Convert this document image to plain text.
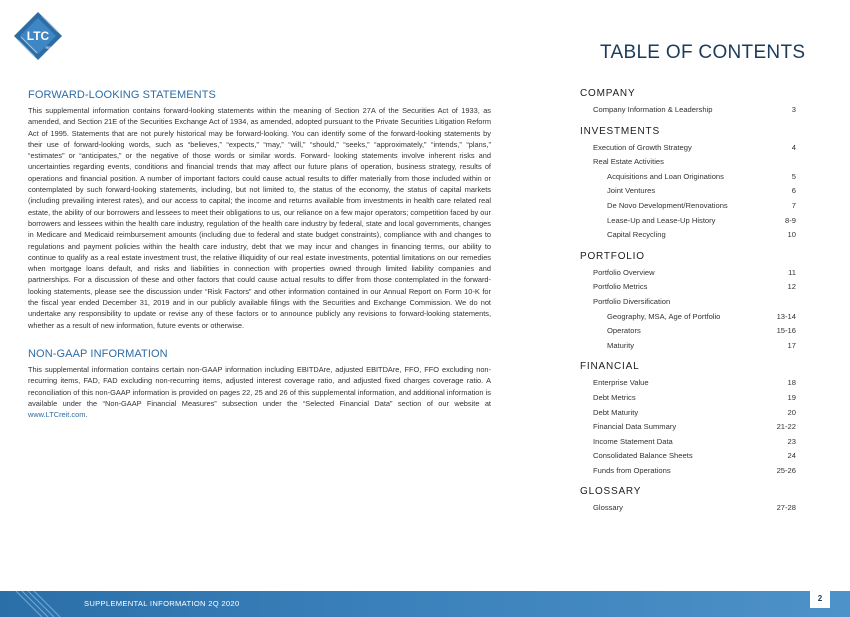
LTC
REIT	TABLE OF CONTENTS
FORWARD-LOOKING STATEMENTS

This supplemental information contains forward-looking statements within the meaning of Section 27A of the Securities Act of 1933, as amended, and Section 21E of the Securities Exchange Act of 1934, as amended, adopted pursuant to the Private Securities Litigation Reform Act of 1995. Statements that are not purely historical may be forward-looking. You can identify some of the forward-looking statements by their use of forward-looking words, such as “believes,” “expects,” “may,” “will,” “should,” “seeks,” “approximately,” “intends,” “plans,” “estimates” or “anticipates,” or the negative of those words or similar words. Forward- looking statements involve inherent risks and uncertainties regarding events, conditions and financial trends that may affect our future plans of operation, business strategy, results of operations and financial position. A number of important factors could cause actual results to differ materially from those included within or contemplated by such forward-looking statements, including, but not limited to, the status of the economy, the status of capital markets (including prevailing interest rates), and our access to capital; the income and returns available from investments in health care related real estate, the ability of our borrowers and lessees to meet their obligations to us, our reliance on a few major operators; competition faced by our borrowers and lessees within the health care industry, regulation of the health care industry by federal, state and local governments, changes in Medicare and Medicaid reimbursement amounts (including due to federal and state budget constraints), compliance with and changes to regulations and payment policies within the health care industry, debt that we may incur and changes in financing terms, our ability to continue to qualify as a real estate investment trust, the relative illiquidity of our real estate investments, potential limitations on our remedies when mortgage loans default, and risks and liabilities in connection with properties owned through limited liability companies and partnerships. For a discussion of these and other factors that could cause actual results to differ from those contemplated in the forward-looking statements, please see the discussion under “Risk Factors” and other information contained in our Annual Report on Form 10-K for the fiscal year ended December 31, 2019 and in our publicly available filings with the Securities and Exchange Commission. We do not undertake any responsibility to update or revise any of these factors or to announce publicly any revisions to forward-looking statements, whether as a result of new information, future events or otherwise.

NON-GAAP INFORMATION

This supplemental information contains certain non-GAAP information including EBITDAre, adjusted EBITDAre, FFO, FFO excluding non-recurring items, FAD, FAD excluding non-recurring items, adjusted interest coverage ratio, and adjusted fixed charges coverage ratio. A reconciliation of this non-GAAP information is provided on pages 22, 25 and 26 of this supplemental information, and additional information is available under the “Non-GAAP Financial Measures” subsection under the “Selected Financial Data” section of our website at www.LTCreit.com.

COMPANY
Company Information & Leadership	3
INVESTMENTS
Execution of Growth Strategy	4
Real Estate Activities
Acquisitions and Loan Originations	5
Joint Ventures	6
De Novo Development/Renovations	7
Lease-Up and Lease-Up History	8-9
Capital Recycling	10
PORTFOLIO
Portfolio Overview	11
Portfolio Metrics	12
Portfolio Diversification
Geography, MSA, Age of Portfolio	13-14
Operators	15-16
Maturity	17
FINANCIAL
Enterprise Value	18
Debt Metrics	19
Debt Maturity	20
Financial Data Summary	21-22
Income Statement Data	23
Consolidated Balance Sheets	24
Funds from Operations	25-26
GLOSSARY
Glossary	27-28
SUPPLEMENTAL INFORMATION 2Q 2020
2
